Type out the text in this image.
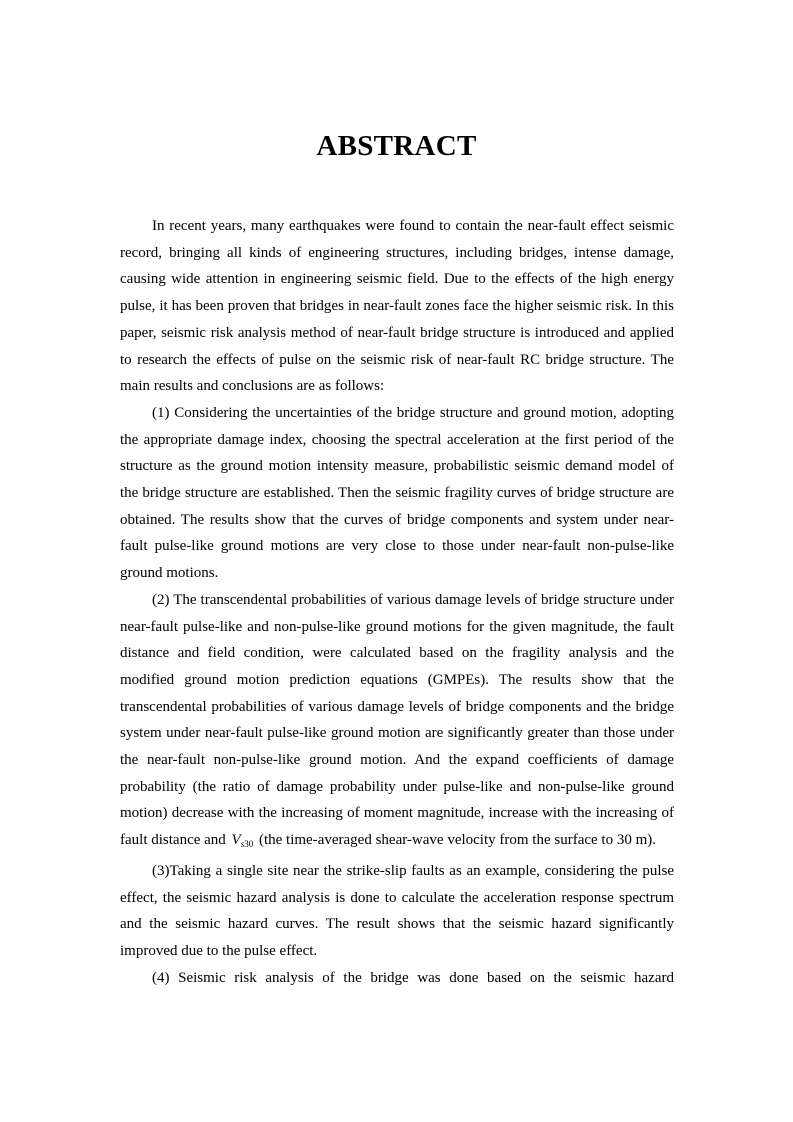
ABSTRACT

In recent years, many earthquakes were found to contain the near-fault effect seismic record, bringing all kinds of engineering structures, including bridges, intense damage, causing wide attention in engineering seismic field. Due to the effects of the high energy pulse, it has been proven that bridges in near-fault zones face the higher seismic risk. In this paper, seismic risk analysis method of near-fault bridge structure is introduced and applied to research the effects of pulse on the seismic risk of near-fault RC bridge structure. The main results and conclusions are as follows:

(1) Considering the uncertainties of the bridge structure and ground motion, adopting the appropriate damage index, choosing the spectral acceleration at the first period of the structure as the ground motion intensity measure, probabilistic seismic demand model of the bridge structure are established. Then the seismic fragility curves of bridge structure are obtained. The results show that the curves of bridge components and system under near-fault pulse-like ground motions are very close to those under near-fault non-pulse-like ground motions.

(2) The transcendental probabilities of various damage levels of bridge structure under near-fault pulse-like and non-pulse-like ground motions for the given magnitude, the fault distance and field condition, were calculated based on the fragility analysis and the modified ground motion prediction equations (GMPEs). The results show that the transcendental probabilities of various damage levels of bridge components and the bridge system under near-fault pulse-like ground motion are significantly greater than those under the near-fault non-pulse-like ground motion. And the expand coefficients of damage probability (the ratio of damage probability under pulse-like and non-pulse-like ground motion) decrease with the increasing of moment magnitude, increase with the increasing of fault distance and $V_{s30}$ (the time-averaged shear-wave velocity from the surface to 30 m).

(3)Taking a single site near the strike-slip faults as an example, considering the pulse effect, the seismic hazard analysis is done to calculate the acceleration response spectrum and the seismic hazard curves. The result shows that the seismic hazard significantly improved due to the pulse effect.

(4) Seismic risk analysis of the bridge was done based on the seismic hazard
